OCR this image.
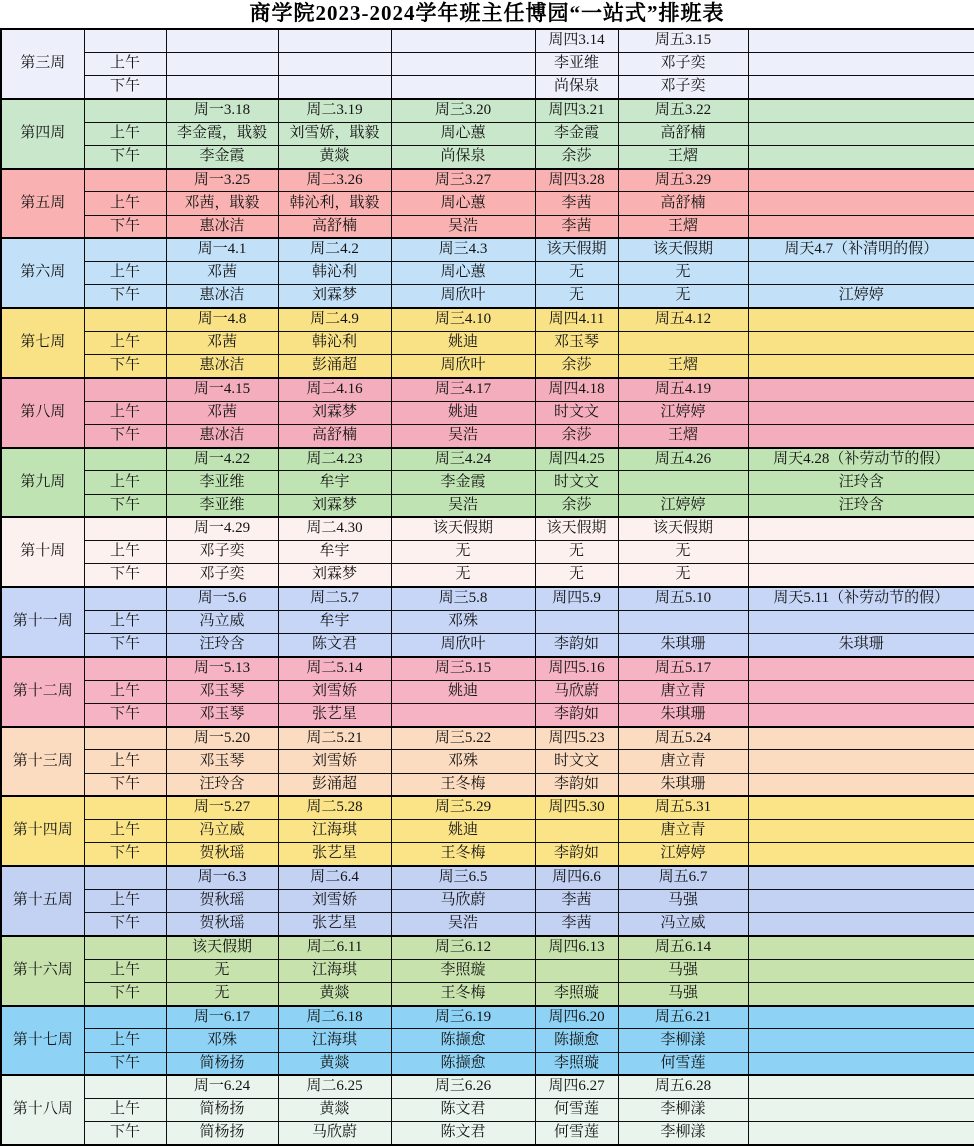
商学院2023-2024学年班主任博园“一站式”排班表
第三周					周四3.14	周五3.15	
	上午				李亚维	邓子奕	
	下午				尚保泉	邓子奕	
第四周		周一3.18	周二3.19	周三3.20	周四3.21	周五3.22	
	上午	李金霞，戢毅	刘雪娇，戢毅	周心蕙	李金霞	高舒楠	
	下午	李金霞	黄燚	尚保泉	余莎	王熠	
第五周		周一3.25	周二3.26	周三3.27	周四3.28	周五3.29	
	上午	邓茜，戢毅	韩沁利，戢毅	周心蕙	李茜	高舒楠	
	下午	惠冰洁	高舒楠	吴浩	李茜	王熠	
第六周		周一4.1	周二4.2	周三4.3	该天假期	该天假期	周天4.7（补清明的假）
	上午	邓茜	韩沁利	周心蕙	无	无	
	下午	惠冰洁	刘霖梦	周欣叶	无	无	江婷婷
第七周		周一4.8	周二4.9	周三4.10	周四4.11	周五4.12	
	上午	邓茜	韩沁利	姚迪	邓玉琴		
	下午	惠冰洁	彭涌超	周欣叶	余莎	王熠	
第八周		周一4.15	周二4.16	周三4.17	周四4.18	周五4.19	
	上午	邓茜	刘霖梦	姚迪	时文文	江婷婷	
	下午	惠冰洁	高舒楠	吴浩	余莎	王熠	
第九周		周一4.22	周二4.23	周三4.24	周四4.25	周五4.26	周天4.28（补劳动节的假）
	上午	李亚维	牟宇	李金霞	时文文		汪玲含
	下午	李亚维	刘霖梦	吴浩	余莎	江婷婷	汪玲含
第十周		周一4.29	周二4.30	该天假期	该天假期	该天假期	
	上午	邓子奕	牟宇	无	无	无	
	下午	邓子奕	刘霖梦	无	无	无	
第十一周		周一5.6	周二5.7	周三5.8	周四5.9	周五5.10	周天5.11（补劳动节的假）
	上午	冯立威	牟宇	邓殊			
	下午	汪玲含	陈文君	周欣叶	李韵如	朱琪珊	朱琪珊
第十二周		周一5.13	周二5.14	周三5.15	周四5.16	周五5.17	
	上午	邓玉琴	刘雪娇	姚迪	马欣蔚	唐立青	
	下午	邓玉琴	张艺星		李韵如	朱琪珊	
第十三周		周一5.20	周二5.21	周三5.22	周四5.23	周五5.24	
	上午	邓玉琴	刘雪娇	邓殊	时文文	唐立青	
	下午	汪玲含	彭涌超	王冬梅	李韵如	朱琪珊	
第十四周		周一5.27	周二5.28	周三5.29	周四5.30	周五5.31	
	上午	冯立威	江海琪	姚迪		唐立青	
	下午	贺秋瑶	张艺星	王冬梅	李韵如	江婷婷	
第十五周		周一6.3	周二6.4	周三6.5	周四6.6	周五6.7	
	上午	贺秋瑶	刘雪娇	马欣蔚	李茜	马强	
	下午	贺秋瑶	张艺星	吴浩	李茜	冯立威	
第十六周		该天假期	周二6.11	周三6.12	周四6.13	周五6.14	
	上午	无	江海琪	李照璇		马强	
	下午	无	黄燚	王冬梅	李照璇	马强	
第十七周		周一6.17	周二6.18	周三6.19	周四6.20	周五6.21	
	上午	邓殊	江海琪	陈撷愈	陈撷愈	李柳漾	
	下午	简杨扬	黄燚	陈撷愈	李照璇	何雪莲	
第十八周		周一6.24	周二6.25	周三6.26	周四6.27	周五6.28	
	上午	简杨扬	黄燚	陈文君	何雪莲	李柳漾	
	下午	简杨扬	马欣蔚	陈文君	何雪莲	李柳漾	
